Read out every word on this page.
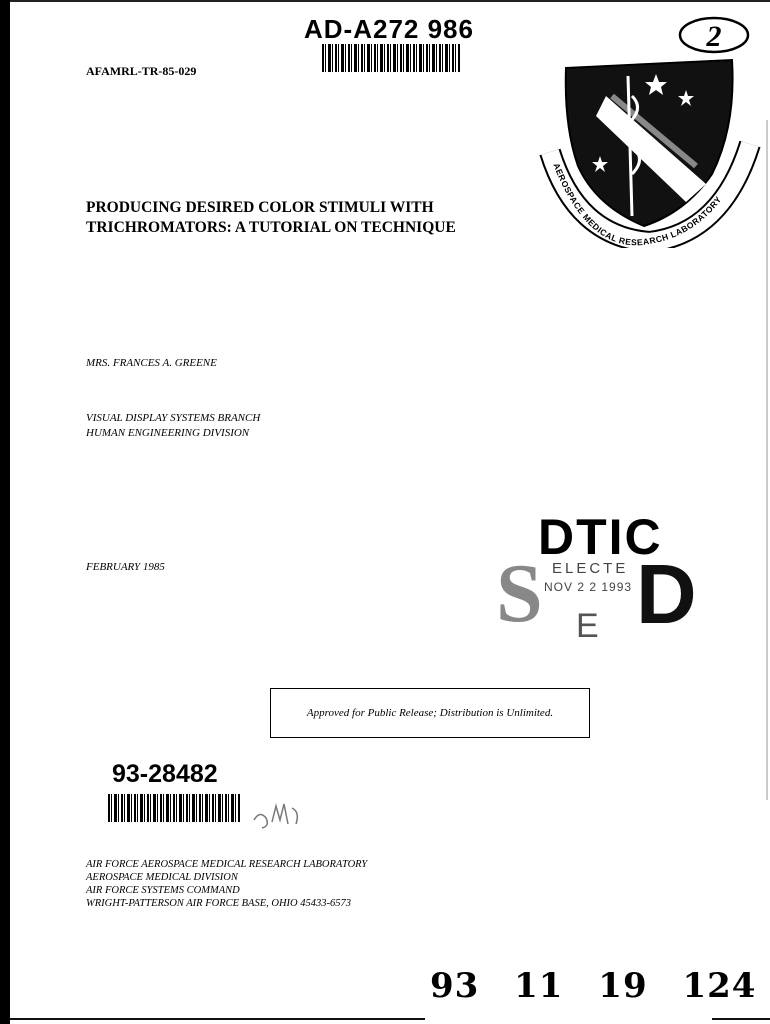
AD-A272 986	2
AFAMRL-TR-85-029
AEROSPACE MEDICAL RESEARCH LABORATORY
PRODUCING DESIRED COLOR STIMULI WITH
TRICHROMATORS: A TUTORIAL ON TECHNIQUE
MRS. FRANCES A. GREENE
VISUAL DISPLAY SYSTEMS BRANCH
HUMAN ENGINEERING DIVISION
FEBRUARY 1985
DTIC
ELECTE
NOV 2 2 1993
S E D
Approved for Public Release; Distribution is Unlimited.
93-28482
AIR FORCE AEROSPACE MEDICAL RESEARCH LABORATORY
AEROSPACE MEDICAL DIVISION
AIR FORCE SYSTEMS COMMAND
WRIGHT-PATTERSON AIR FORCE BASE, OHIO 45433-6573
93 11 19 124
